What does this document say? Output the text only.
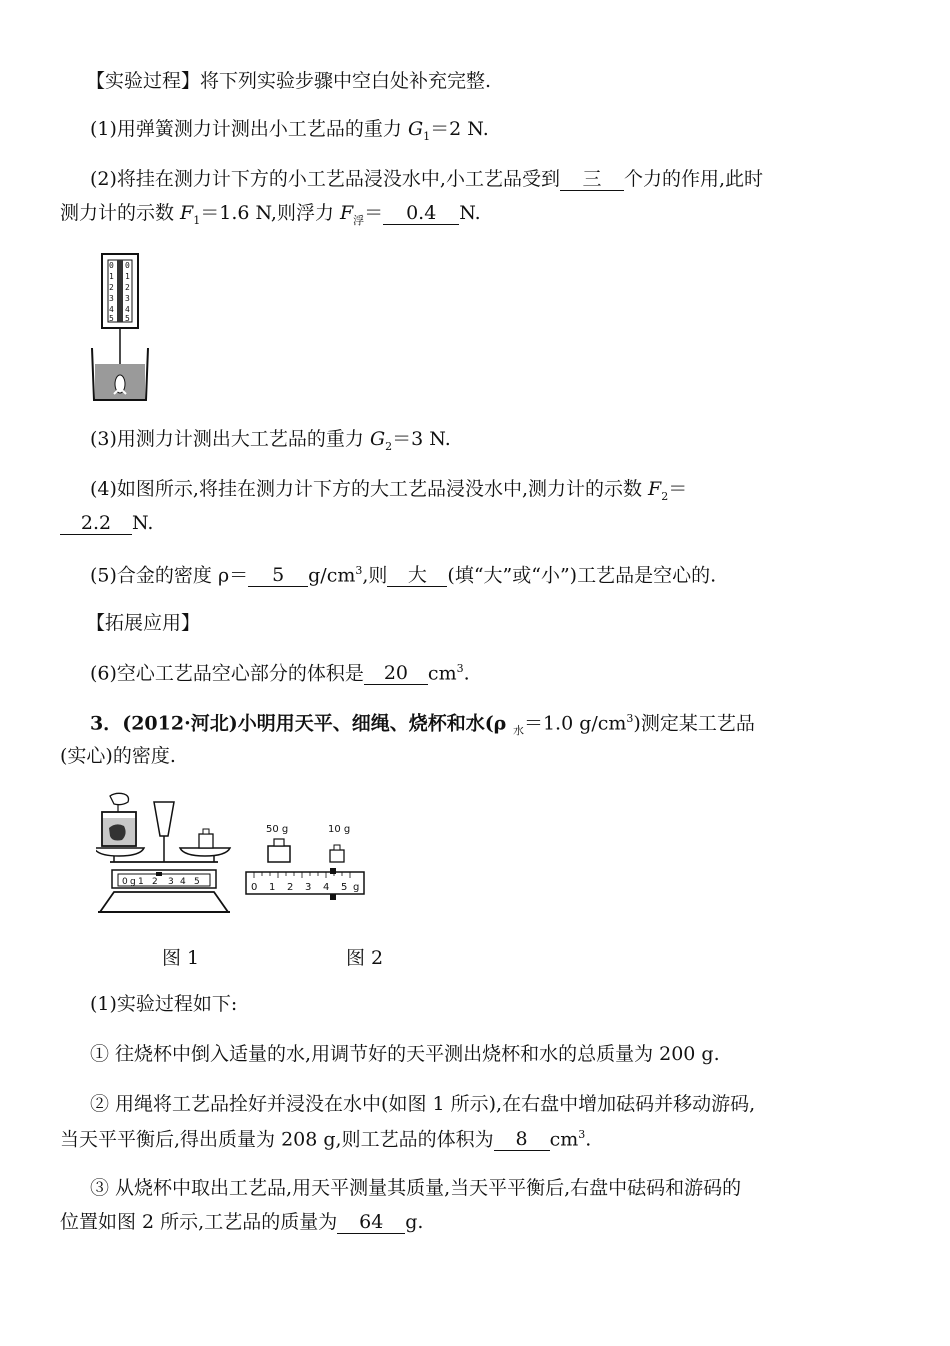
【实验过程】将下列实验步骤中空白处补充完整.
(1)用弹簧测力计测出小工艺品的重力 $G_1=2$ N.
(2)将挂在测力计下方的小工艺品浸没水中,小工艺品受到 三 个力的作用,此时
测力计的示数 $F_1=1.6$ N,则浮力 $F_浮= 0.4$ N.
0
1
2
3
4
5
0
1
2
3
4
5
(3)用测力计测出大工艺品的重力 $G_2=3$ N.
(4)如图所示,将挂在测力计下方的大工艺品浸没水中,测力计的示数 $F_2=$
2.2 N.
(5)合金的密度 ρ＝ 5 $g/cm^3$,则 大 (填“大”或“小”)工艺品是空心的.
【拓展应用】
(6)空心工艺品空心部分的体积是 20 $cm^3$.
3．(2012·河北)小明用天平、细绳、烧杯和水(ρ $_水$＝1.0 $g/cm^3$)测定某工艺品
(实心)的密度.
0 g 1 2 3 4 5
50 g	10 g
0 1 2 3 4 5 g
图 1	图 2
(1)实验过程如下:
① 往烧杯中倒入适量的水,用调节好的天平测出烧杯和水的总质量为 200 g.
② 用绳将工艺品拴好并浸没在水中(如图 1 所示),在右盘中增加砝码并移动游码,
当天平平衡后,得出质量为 208 g,则工艺品的体积为 8 $cm^3$.
③ 从烧杯中取出工艺品,用天平测量其质量,当天平平衡后,右盘中砝码和游码的
位置如图 2 所示,工艺品的质量为 64 g.
